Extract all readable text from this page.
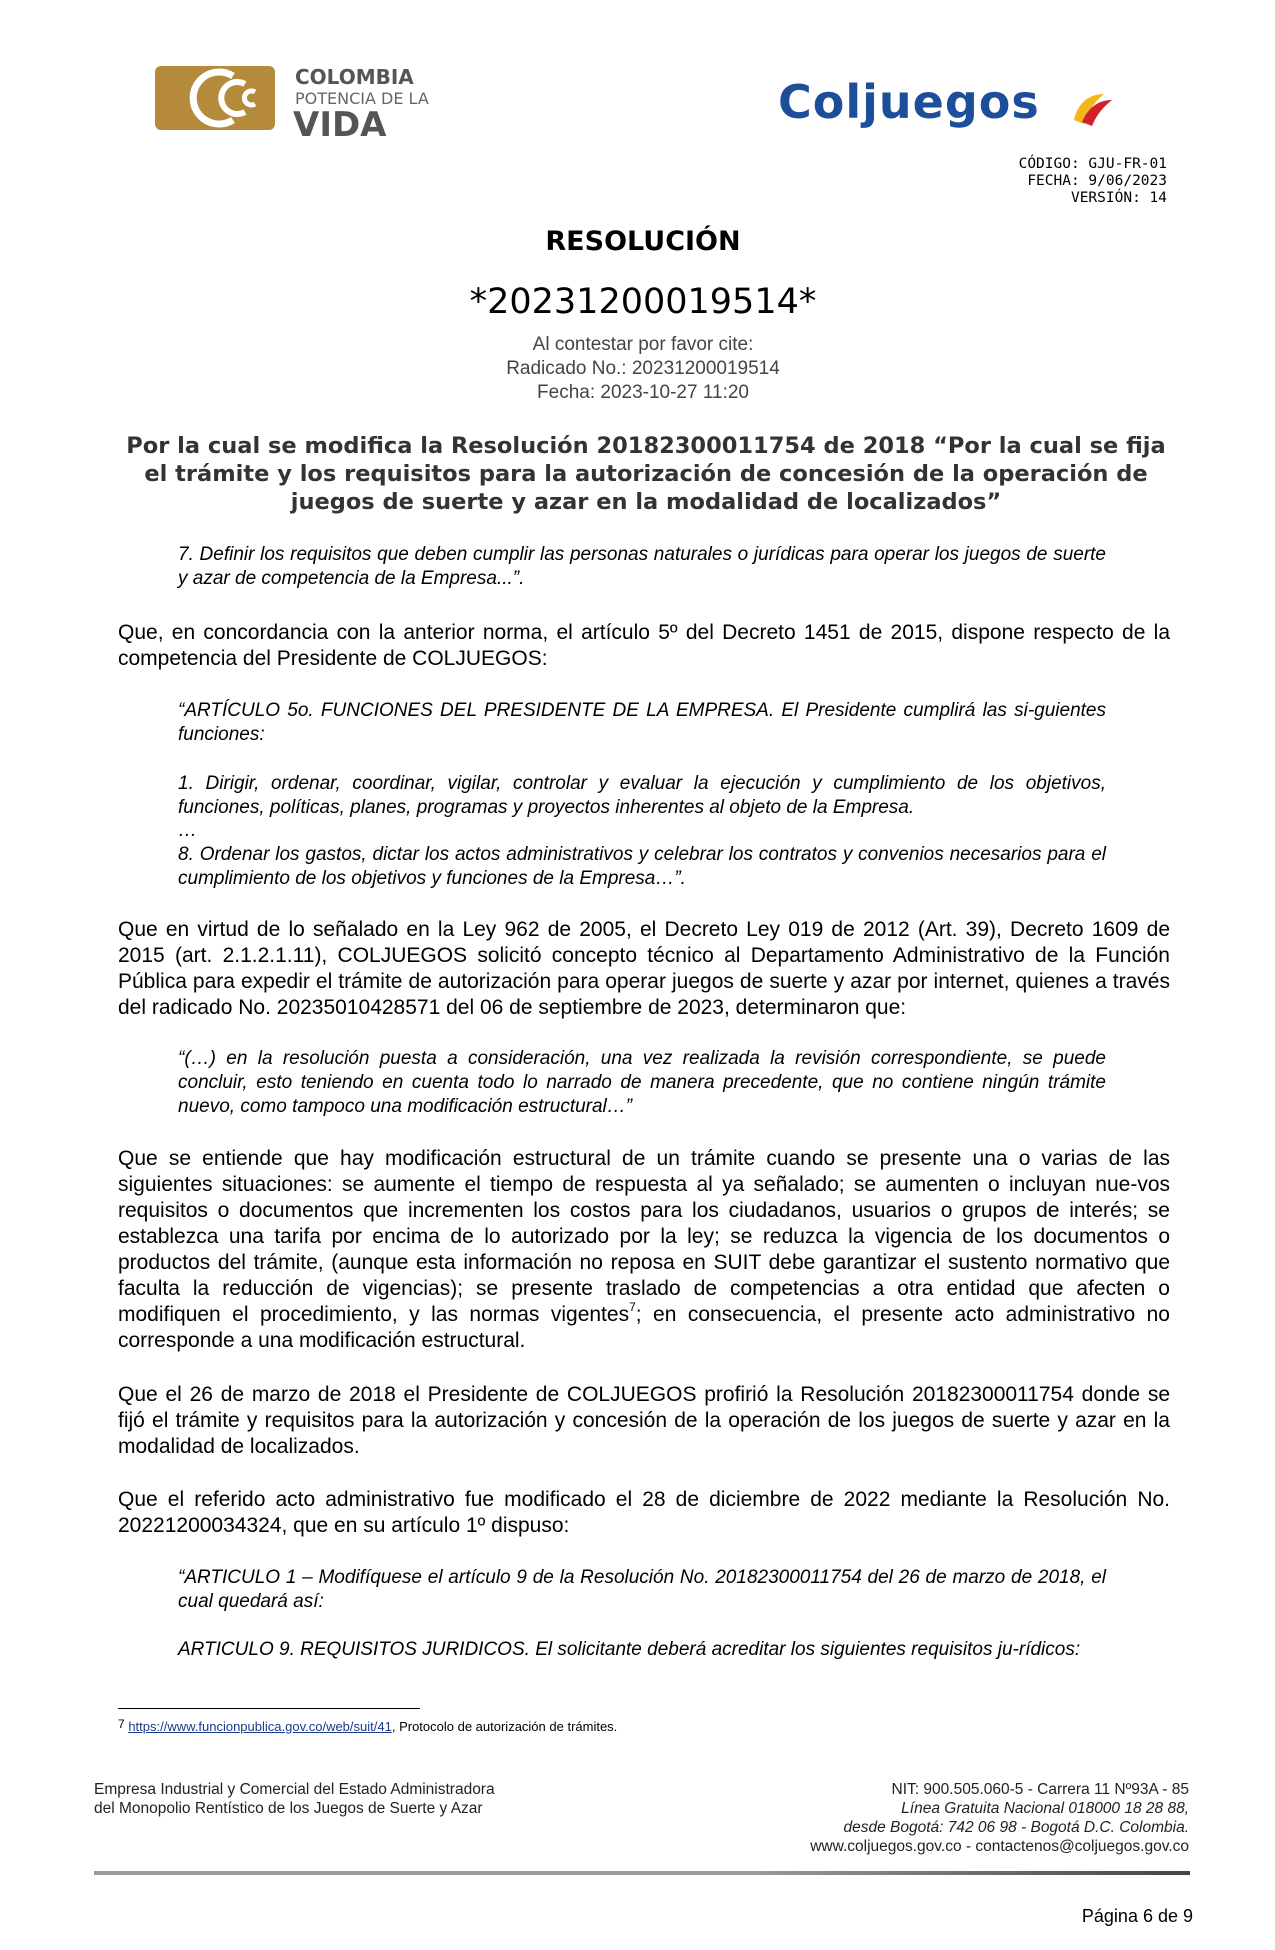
COLOMBIA
POTENCIA DE LA
VIDA	Coljuegos
CÓDIGO: GJU-FR-01
FECHA: 9/06/2023
VERSIÓN: 14
RESOLUCIÓN
*20231200019514*
Al contestar por favor cite:
Radicado No.: 20231200019514
Fecha: 2023-10-27 11:20
Por la cual se modifica la Resolución 20182300011754 de 2018 “Por la cual se fija el trámite y los requisitos para la autorización de concesión de la operación de juegos de suerte y azar en la modalidad de localizados”
7. Definir los requisitos que deben cumplir las personas naturales o jurídicas para operar los juegos de suerte y azar de competencia de la Empresa...”.
Que, en concordancia con la anterior norma, el artículo 5º del Decreto 1451 de 2015, dispone respecto de la competencia del Presidente de COLJUEGOS:
“ARTÍCULO 5o. FUNCIONES DEL PRESIDENTE DE LA EMPRESA. El Presidente cumplirá las si-guientes funciones:
1. Dirigir, ordenar, coordinar, vigilar, controlar y evaluar la ejecución y cumplimiento de los objetivos, funciones, políticas, planes, programas y proyectos inherentes al objeto de la Empresa.
…
8. Ordenar los gastos, dictar los actos administrativos y celebrar los contratos y convenios necesarios para el cumplimiento de los objetivos y funciones de la Empresa…”.
Que en virtud de lo señalado en la Ley 962 de 2005, el Decreto Ley 019 de 2012 (Art. 39), Decreto 1609 de 2015 (art. 2.1.2.1.11), COLJUEGOS solicitó concepto técnico al Departamento Administrativo de la Función Pública para expedir el trámite de autorización para operar juegos de suerte y azar por internet, quienes a través del radicado No. 20235010428571 del 06 de septiembre de 2023, determinaron que:
“(…) en la resolución puesta a consideración, una vez realizada la revisión correspondiente, se puede concluir, esto teniendo en cuenta todo lo narrado de manera precedente, que no contiene ningún trámite nuevo, como tampoco una modificación estructural…”
Que se entiende que hay modificación estructural de un trámite cuando se presente una o varias de las siguientes situaciones: se aumente el tiempo de respuesta al ya señalado; se aumenten o incluyan nue-vos requisitos o documentos que incrementen los costos para los ciudadanos, usuarios o grupos de interés; se establezca una tarifa por encima de lo autorizado por la ley; se reduzca la vigencia de los documentos o productos del trámite, (aunque esta información no reposa en SUIT debe garantizar el sustento normativo que faculta la reducción de vigencias); se presente traslado de competencias a otra entidad que afecten o modifiquen el procedimiento, y las normas vigentes$^7$; en consecuencia, el presente acto administrativo no corresponde a una modificación estructural.
Que el 26 de marzo de 2018 el Presidente de COLJUEGOS profirió la Resolución 20182300011754 donde se fijó el trámite y requisitos para la autorización y concesión de la operación de los juegos de suerte y azar en la modalidad de localizados.
Que el referido acto administrativo fue modificado el 28 de diciembre de 2022 mediante la Resolución No. 20221200034324, que en su artículo 1º dispuso:
“ARTICULO 1 – Modifíquese el artículo 9 de la Resolución No. 20182300011754 del 26 de marzo de 2018, el cual quedará así:
ARTICULO 9. REQUISITOS JURIDICOS. El solicitante deberá acreditar los siguientes requisitos ju-rídicos:
$^7$ https://www.funcionpublica.gov.co/web/suit/41, Protocolo de autorización de trámites.
Empresa Industrial y Comercial del Estado Administradora
del Monopolio Rentístico de los Juegos de Suerte y Azar
NIT: 900.505.060-5 - Carrera 11 Nº93A - 85
Línea Gratuita Nacional 018000 18 28 88,
desde Bogotá: 742 06 98 - Bogotá D.C. Colombia.
www.coljuegos.gov.co - contactenos@coljuegos.gov.co
Página 6 de 9
